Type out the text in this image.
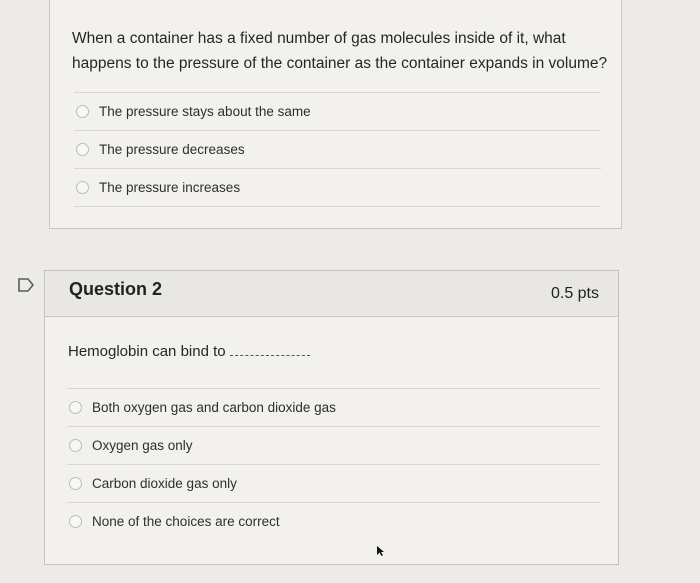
When a container has a fixed number of gas molecules inside of it, what happens to the pressure of the container as the container expands in volume?
The pressure stays about the same
The pressure decreases
The pressure increases
Question 2	0.5 pts
Hemoglobin can bind to
Both oxygen gas and carbon dioxide gas
Oxygen gas only
Carbon dioxide gas only
None of the choices are correct
